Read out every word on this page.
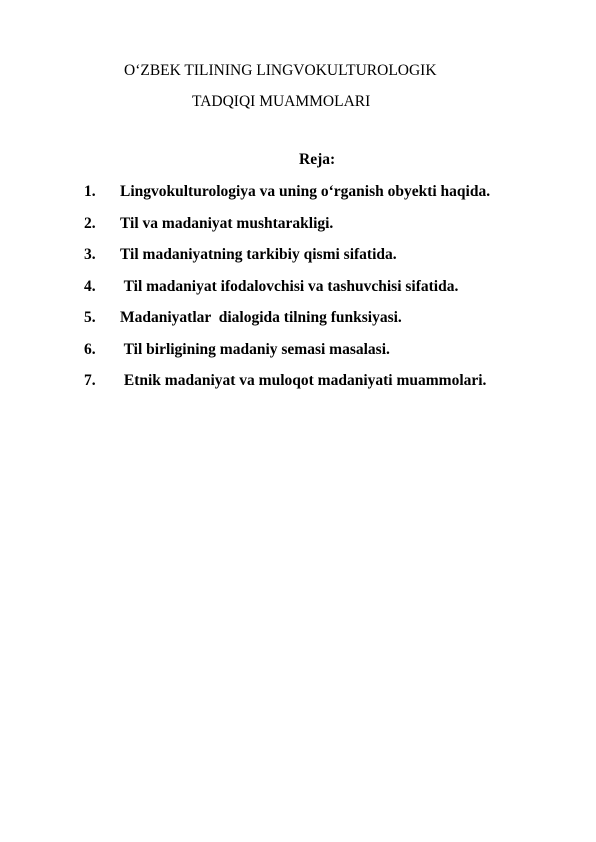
O‘ZBEK TILINING LINGVOKULTUROLOGIK
TADQIQI MUAMMOLARI
Reja:
1.	Lingvokulturologiya va uning o‘rganish obyekti haqida.
2.	Til va madaniyat mushtarakligi.
3.	Til madaniyatning tarkibiy qismi sifatida.
4.	Til madaniyat ifodalovchisi va tashuvchisi sifatida.
5.	Madaniyatlar  dialogida tilning funksiyasi.
6.	Til birligining madaniy semasi masalasi.
7.	Etnik madaniyat va muloqot madaniyati muammolari.
